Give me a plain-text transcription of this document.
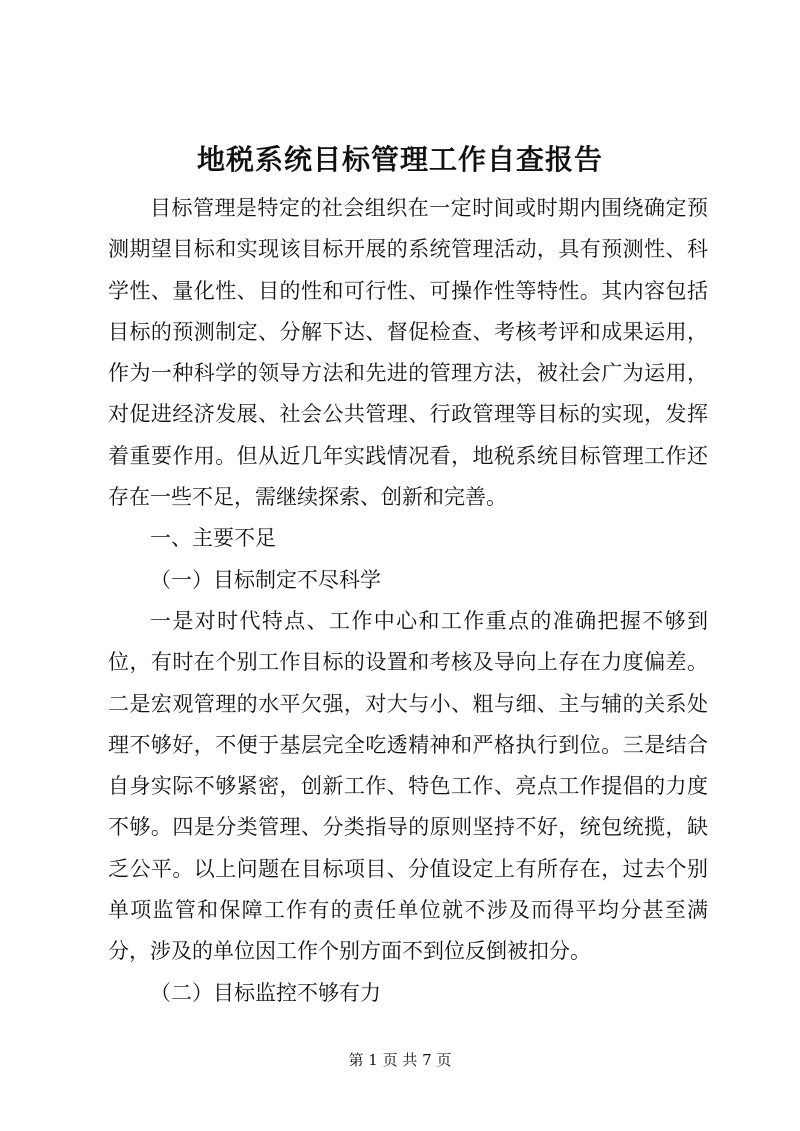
地税系统目标管理工作自查报告

目标管理是特定的社会组织在一定时间或时期内围绕确定预测期望目标和实现该目标开展的系统管理活动，具有预测性、科学性、量化性、目的性和可行性、可操作性等特性。其内容包括目标的预测制定、分解下达、督促检查、考核考评和成果运用，作为一种科学的领导方法和先进的管理方法，被社会广为运用，对促进经济发展、社会公共管理、行政管理等目标的实现，发挥着重要作用。但从近几年实践情况看，地税系统目标管理工作还存在一些不足，需继续探索、创新和完善。

一、主要不足

（一）目标制定不尽科学

一是对时代特点、工作中心和工作重点的准确把握不够到位，有时在个别工作目标的设置和考核及导向上存在力度偏差。二是宏观管理的水平欠强，对大与小、粗与细、主与辅的关系处理不够好，不便于基层完全吃透精神和严格执行到位。三是结合自身实际不够紧密，创新工作、特色工作、亮点工作提倡的力度不够。四是分类管理、分类指导的原则坚持不好，统包统揽，缺乏公平。以上问题在目标项目、分值设定上有所存在，过去个别单项监管和保障工作有的责任单位就不涉及而得平均分甚至满分，涉及的单位因工作个别方面不到位反倒被扣分。

（二）目标监控不够有力

第 1 页 共 7 页
